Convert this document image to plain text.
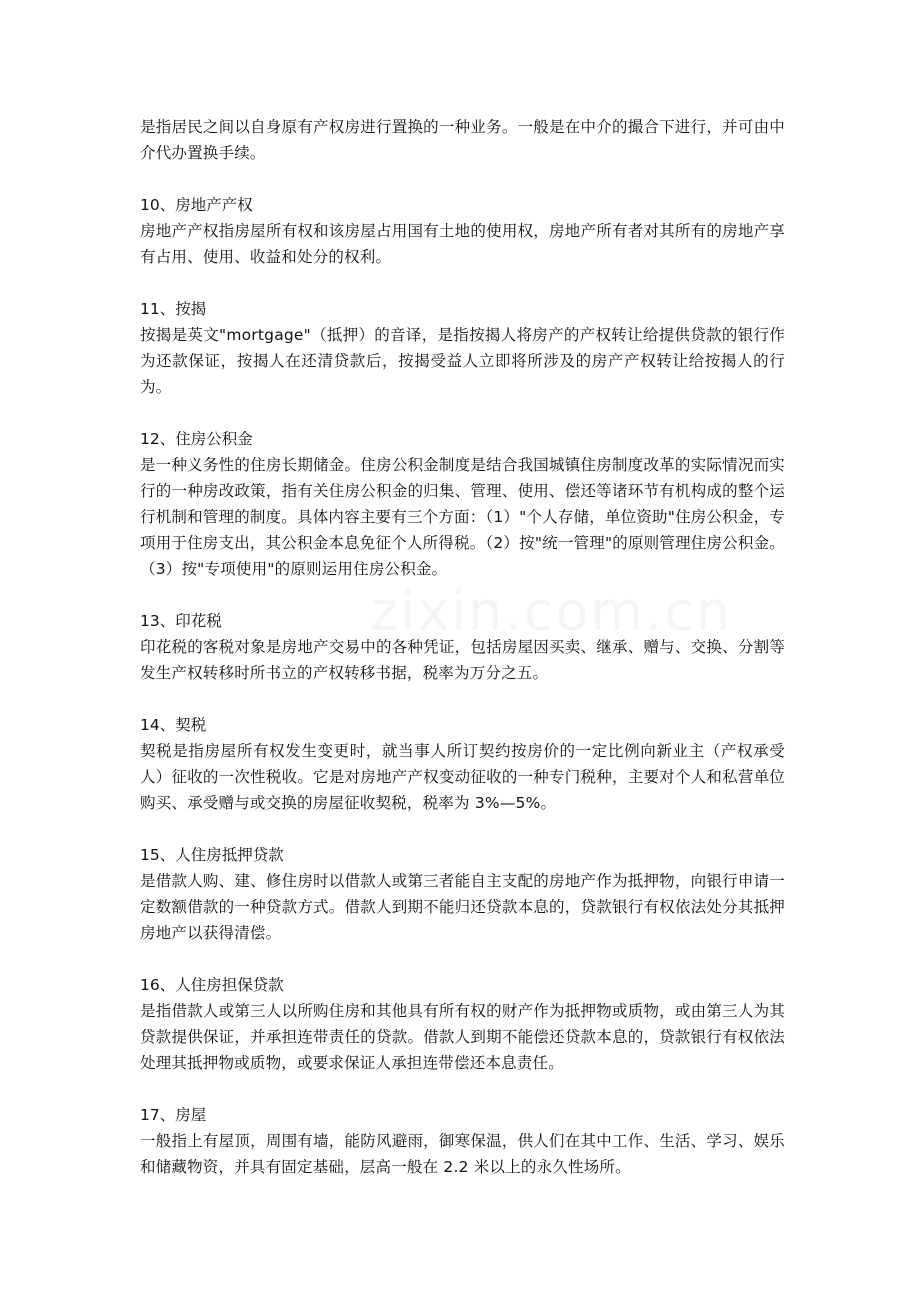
是指居民之间以自身原有产权房进行置换的一种业务。一般是在中介的撮合下进行，并可由中介代办置换手续。

10、房地产产权

房地产产权指房屋所有权和该房屋占用国有土地的使用权，房地产所有者对其所有的房地产享有占用、使用、收益和处分的权利。

11、按揭

按揭是英文"mortgage"（抵押）的音译，是指按揭人将房产的产权转让给提供贷款的银行作为还款保证，按揭人在还清贷款后，按揭受益人立即将所涉及的房产产权转让给按揭人的行为。

12、住房公积金

是一种义务性的住房长期储金。住房公积金制度是结合我国城镇住房制度改革的实际情况而实行的一种房改政策，指有关住房公积金的归集、管理、使用、偿还等诸环节有机构成的整个运行机制和管理的制度。具体内容主要有三个方面：（1）"个人存储，单位资助"住房公积金，专项用于住房支出，其公积金本息免征个人所得税。（2）按"统一管理"的原则管理住房公积金。（3）按"专项使用"的原则运用住房公积金。

13、印花税

印花税的客税对象是房地产交易中的各种凭证，包括房屋因买卖、继承、赠与、交换、分割等发生产权转移时所书立的产权转移书据，税率为万分之五。

14、契税

契税是指房屋所有权发生变更时，就当事人所订契约按房价的一定比例向新业主（产权承受人）征收的一次性税收。它是对房地产产权变动征收的一种专门税种，主要对个人和私营单位购买、承受赠与或交换的房屋征收契税，税率为 3%—5%。

15、人住房抵押贷款

是借款人购、建、修住房时以借款人或第三者能自主支配的房地产作为抵押物，向银行申请一定数额借款的一种贷款方式。借款人到期不能归还贷款本息的，贷款银行有权依法处分其抵押房地产以获得清偿。

16、人住房担保贷款

是指借款人或第三人以所购住房和其他具有所有权的财产作为抵押物或质物，或由第三人为其贷款提供保证，并承担连带责任的贷款。借款人到期不能偿还贷款本息的，贷款银行有权依法处理其抵押物或质物，或要求保证人承担连带偿还本息责任。

17、房屋

一般指上有屋顶，周围有墙，能防风避雨，御寒保温，供人们在其中工作、生活、学习、娱乐和储藏物资，并具有固定基础，层高一般在 2.2 米以上的永久性场所。
